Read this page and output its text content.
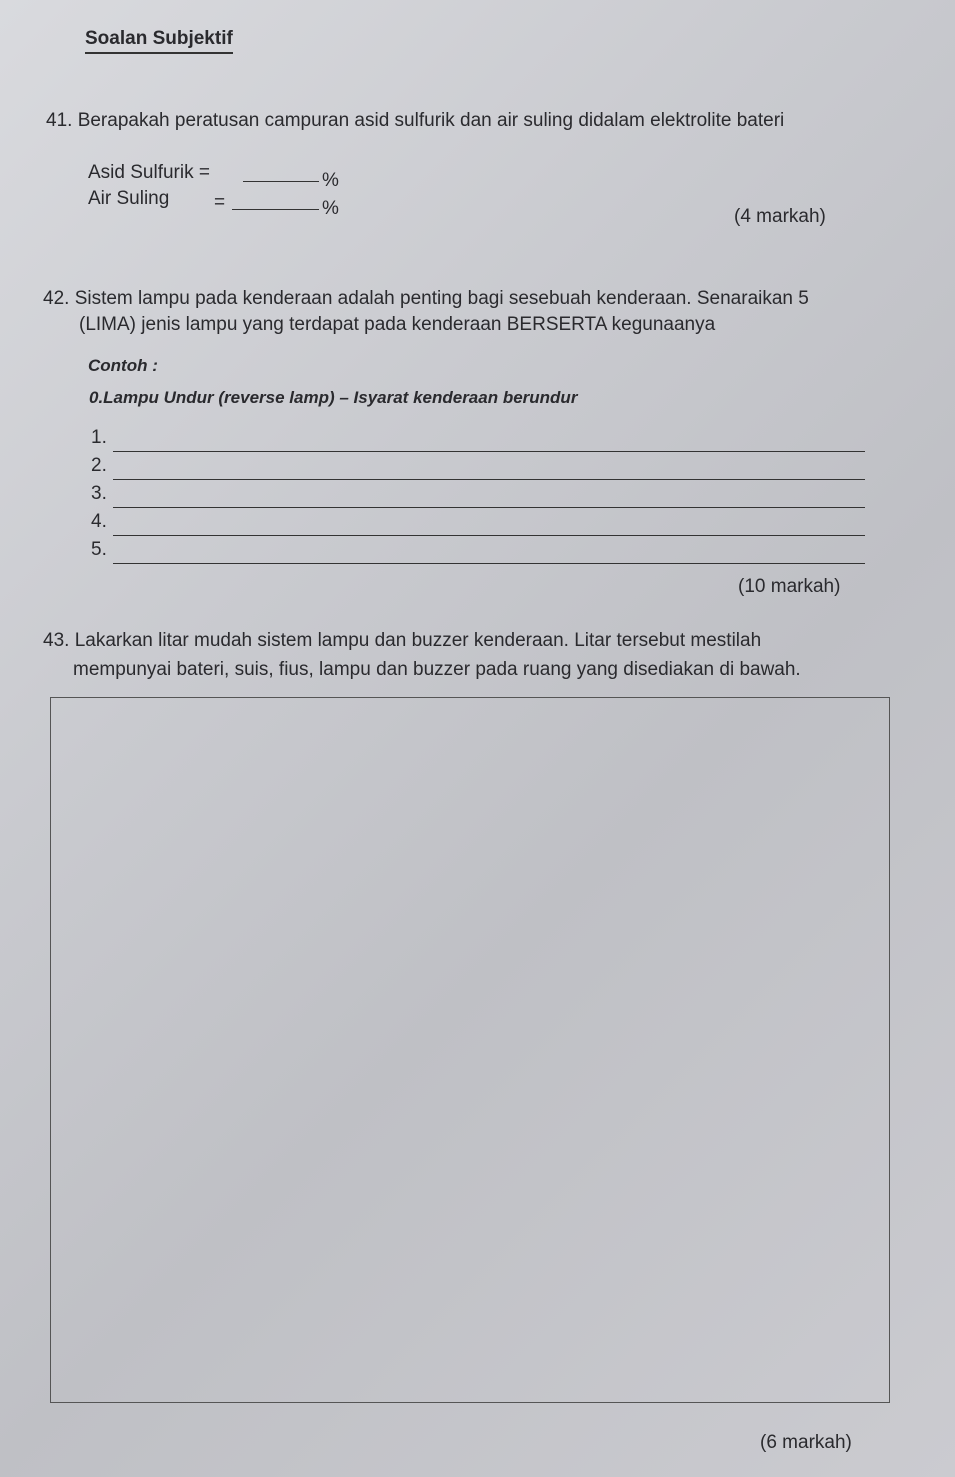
Soalan Subjektif
41. Berapakah peratusan campuran asid sulfurik dan air suling didalam elektrolite bateri
Asid Sulfurik =	%
Air Suling =	%	(4 markah)
42. Sistem lampu pada kenderaan adalah penting bagi sesebuah kenderaan. Senaraikan 5
(LIMA) jenis lampu yang terdapat pada kenderaan BERSERTA kegunaanya
Contoh :
0.Lampu Undur (reverse lamp) – Isyarat kenderaan berundur
1.
2.
3.
4.
5.
(10 markah)
43. Lakarkan litar mudah sistem lampu dan buzzer kenderaan. Litar tersebut mestilah
mempunyai bateri, suis, fius, lampu dan buzzer pada ruang yang disediakan di bawah.
(6 markah)
